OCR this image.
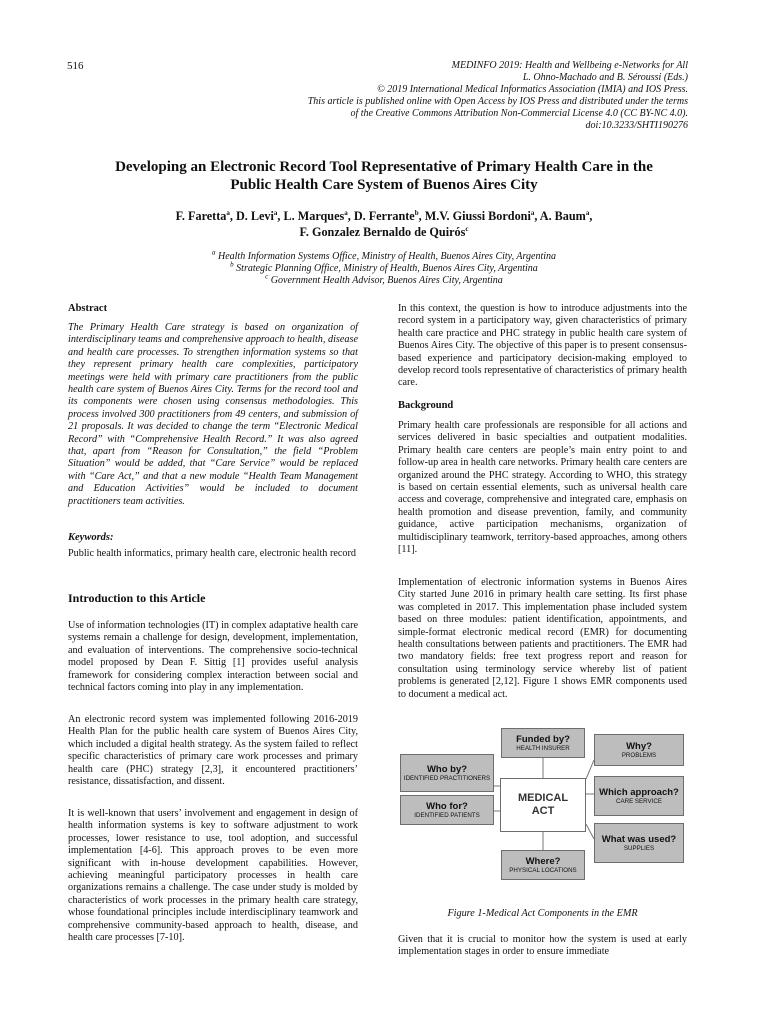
516	MEDINFO 2019: Health and Wellbeing e-Networks for All
L. Ohno-Machado and B. Séroussi (Eds.)
© 2019 International Medical Informatics Association (IMIA) and IOS Press.
This article is published online with Open Access by IOS Press and distributed under the terms
of the Creative Commons Attribution Non-Commercial License 4.0 (CC BY-NC 4.0).
doi:10.3233/SHTI190276
Developing an Electronic Record Tool Representative of Primary Health Care in the
Public Health Care System of Buenos Aires City
F. Faretta$^a$, D. Levi$^a$, L. Marques$^a$, D. Ferrante$^b$, M.V. Giussi Bordoni$^a$, A. Baum$^a$,
F. Gonzalez Bernaldo de Quirós$^c$
$^a$ Health Information Systems Office, Ministry of Health, Buenos Aires City, Argentina
$^b$ Strategic Planning Office, Ministry of Health, Buenos Aires City, Argentina
$^c$ Government Health Advisor, Buenos Aires City, Argentina
Abstract

The Primary Health Care strategy is based on organization of interdisciplinary teams and comprehensive approach to health, disease and health care processes. To strengthen information systems so that they represent primary health care complexities, participatory meetings were held with primary care practitioners from the public health care system of Buenos Aires City. Terms for the record tool and its components were chosen using consensus methodologies. This process involved 300 practitioners from 49 centers, and submission of 21 proposals. It was decided to change the term “Electronic Medical Record” with “Comprehensive Health Record.” It was also agreed that, apart from “Reason for Consultation,” the field “Problem Situation” would be added, that “Care Service” would be replaced with “Care Act,” and that a new module “Health Team Management and Education Activities” would be included to document practitioners team activities.

Keywords:

Public health informatics, primary health care, electronic health record

Introduction to this Article

Use of information technologies (IT) in complex adaptative health care systems remain a challenge for design, development, implementation, and evaluation of interventions. The comprehensive socio-technical model proposed by Dean F. Sittig [1] provides useful analysis framework for considering complex interaction between social and technical factors coming into play in any implementation.

An electronic record system was implemented following 2016-2019 Health Plan for the public health care system of Buenos Aires City, which included a digital health strategy. As the system failed to reflect specific characteristics of primary care work processes and primary health care (PHC) strategy [2,3], it encountered practitioners’ resistance, dissatisfaction, and dissent.

It is well-known that users’ involvement and engagement in design of health information systems is key to software adjustment to work processes, lower resistance to use, tool adoption, and successful implementation [4-6]. This approach proves to be even more significant with in-house development capabilities. However, achieving meaningful participatory processes in health care organizations remains a challenge. The case under study is molded by characteristics of work processes in the primary health care strategy, whose foundational principles include interdisciplinary teamwork and comprehensive community-based approach to health, disease, and health care processes [7-10].

In this context, the question is how to introduce adjustments into the record system in a participatory way, given characteristics of primary health care practice and PHC strategy in public health care system of Buenos Aires City. The objective of this paper is to present consensus-based experience and participatory decision-making employed to develop record tools representative of characteristics of primary health care.

Background

Primary health care professionals are responsible for all actions and services delivered in basic specialties and outpatient modalities. Primary health care centers are people’s main entry point to and follow-up area in health care networks. Primary health care centers are organized around the PHC strategy. According to WHO, this strategy is based on certain essential elements, such as universal health care access and coverage, comprehensive and integrated care, emphasis on health promotion and disease prevention, family, and community guidance, active participation mechanisms, organization of multidisciplinary teamwork, territory-based approaches, among others [11].

Implementation of electronic information systems in Buenos Aires City started June 2016 in primary health care setting. Its first phase was completed in 2017. This implementation phase included system based on three modules: patient identification, appointments, and simple-format electronic medical record (EMR) for documenting health consultations between patients and practitioners. The EMR had two mandatory fields: free text progress report and reason for consultation using terminology service whereby list of patient problems is generated [2,12]. Figure 1 shows EMR components used to document a medical act.

MEDICAL
ACT
Funded by?
HEALTH INSURER
Who by?
IDENTIFIED PRACTITIONERS
Who for?
IDENTIFIED PATIENTS
Why?
PROBLEMS
Which approach?
CARE SERVICE
What was used?
SUPPLIES
Where?
PHYSICAL LOCATIONS
Figure 1-Medical Act Components in the EMR

Given that it is crucial to monitor how the system is used at early implementation stages in order to ensure immediate
